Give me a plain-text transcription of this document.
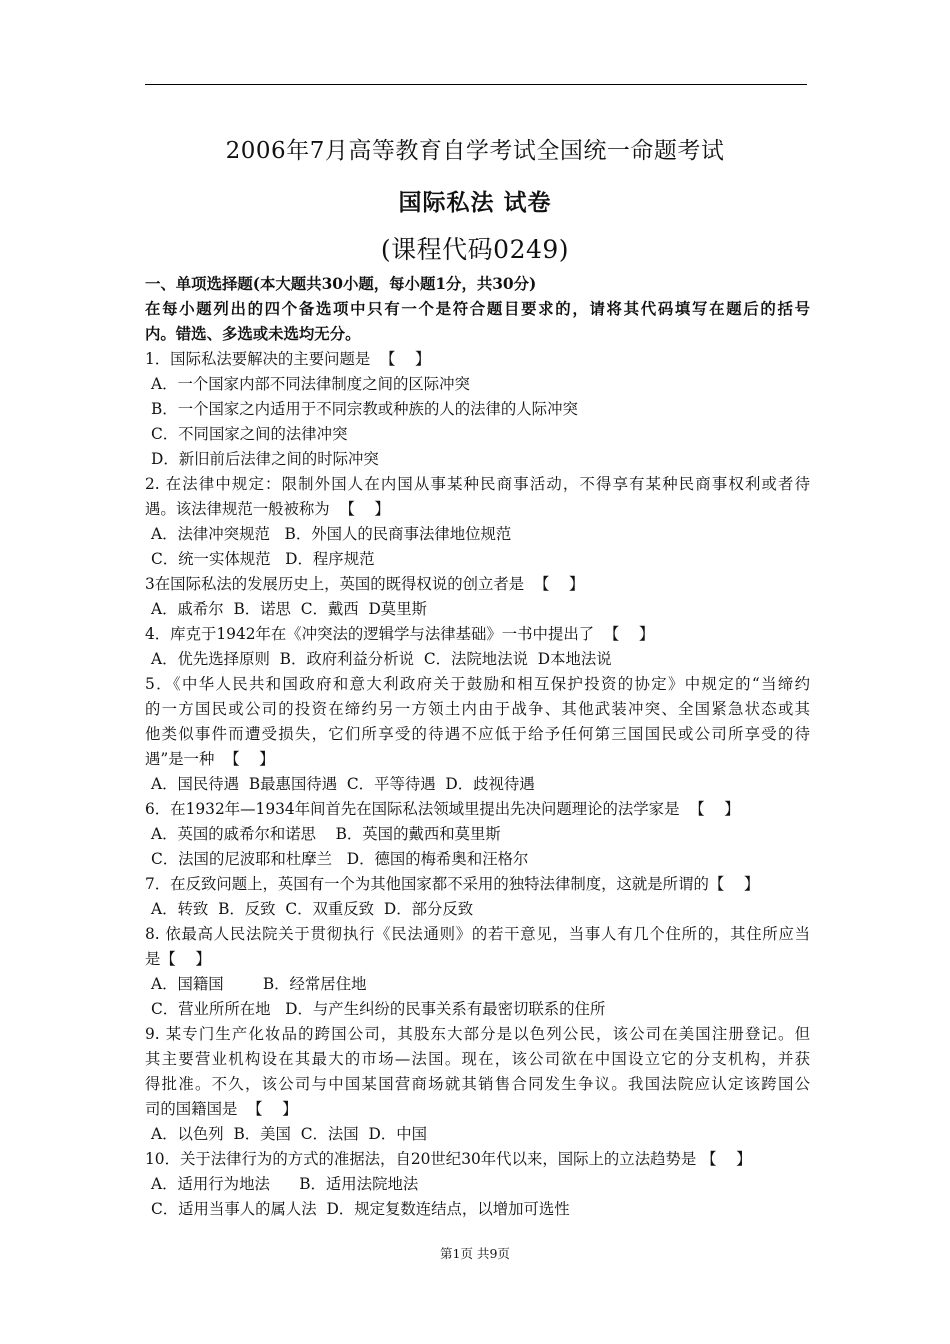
2006年7月高等教育自学考试全国统一命题考试
国际私法 试卷
(课程代码0249)
一、单项选择题(本大题共30小题，每小题1分，共30分)
在每小题列出的四个备选项中只有一个是符合题目要求的，请将其代码填写在题后的括号
内。错选、多选或未选均无分。
1．国际私法要解决的主要问题是  【    】
A．一个国家内部不同法律制度之间的区际冲突
B．一个国家之内适用于不同宗教或种族的人的法律的人际冲突
C．不同国家之间的法律冲突
D．新旧前后法律之间的时际冲突
2. 在法律中规定：限制外国人在内国从事某种民商事活动，不得享有某种民商事权利或者待
遇。该法律规范一般被称为  【    】
A．法律冲突规范   B．外国人的民商事法律地位规范
C．统一实体规范   D．程序规范
3在国际私法的发展历史上，英国的既得权说的创立者是  【    】
A．戚希尔  B．诺思  C．戴西  D莫里斯
4．库克于1942年在《冲突法的逻辑学与法律基础》一书中提出了  【    】
A．优先选择原则  B．政府利益分析说  C．法院地法说  D本地法说
5．《中华人民共和国政府和意大利政府关于鼓励和相互保护投资的协定》中规定的“当缔约
的一方国民或公司的投资在缔约另一方领土内由于战争、其他武装冲突、全国紧急状态或其
他类似事件而遭受损失，它们所享受的待遇不应低于给予任何第三国国民或公司所享受的待
遇”是一种  【    】
A．国民待遇  B最惠国待遇  C．平等待遇  D．歧视待遇
6．在1932年—1934年间首先在国际私法领域里提出先决问题理论的法学家是  【    】
A．英国的戚希尔和诺思    B．英国的戴西和莫里斯
C．法国的尼波耶和杜摩兰   D．德国的梅希奥和汪格尔
7．在反致问题上，英国有一个为其他国家都不采用的独特法律制度，这就是所谓的【    】
A．转致  B．反致  C．双重反致  D．部分反致
8. 依最高人民法院关于贯彻执行《民法通则》的若干意见，当事人有几个住所的，其住所应当
是【    】
A．国籍国        B．经常居住地
C．营业所所在地   D．与产生纠纷的民事关系有最密切联系的住所
9. 某专门生产化妆品的跨国公司，其股东大部分是以色列公民，该公司在美国注册登记。但
其主要营业机构设在其最大的市场—法国。现在，该公司欲在中国设立它的分支机构，并获
得批准。不久，该公司与中国某国营商场就其销售合同发生争议。我国法院应认定该跨国公
司的国籍国是  【    】
A．以色列  B．美国  C．法国  D．中国
10．关于法律行为的方式的准据法，自20世纪30年代以来，国际上的立法趋势是 【    】
A．适用行为地法      B．适用法院地法
C．适用当事人的属人法  D．规定复数连结点，以增加可选性
第1页 共9页
